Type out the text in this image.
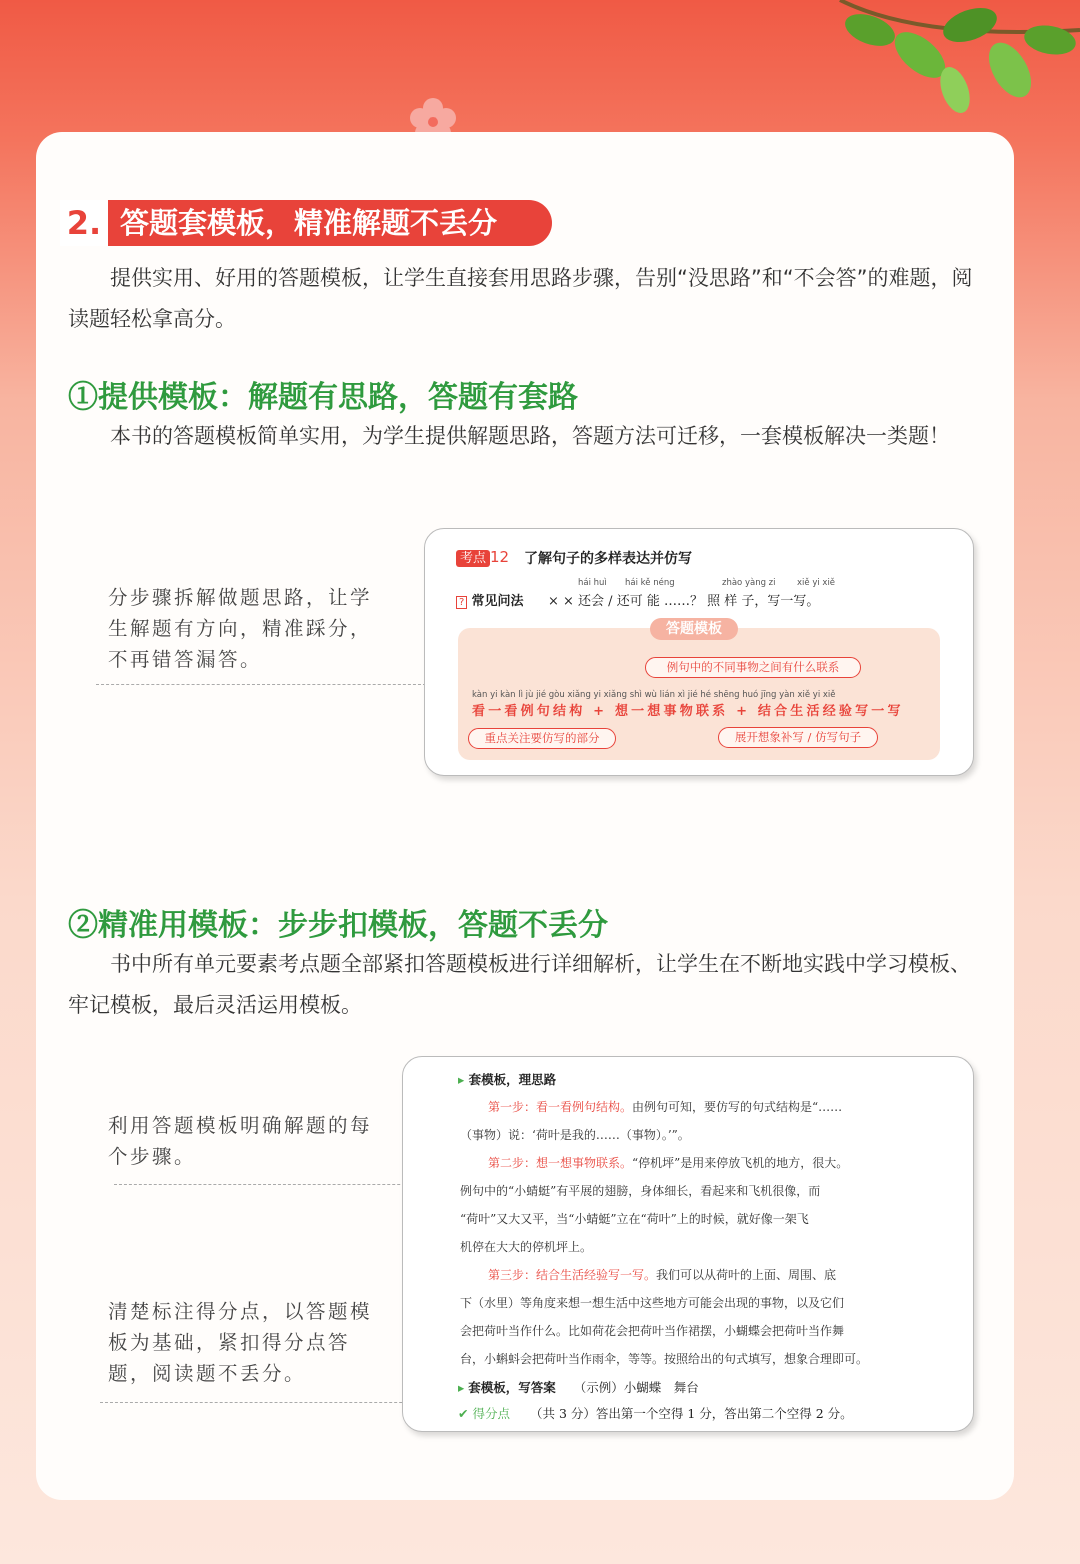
2. 答题套模板，精准解题不丢分
提供实用、好用的答题模板，让学生直接套用思路步骤，告别“没思路”和“不会答”的难题，阅读题轻松拿高分。
①提供模板：解题有思路，答题有套路
本书的答题模板简单实用，为学生提供解题思路，答题方法可迁移，一套模板解决一类题！
分步骤拆解做题思路，让学生解题有方向，精准踩分，不再错答漏答。
考点 12 了解句子的多样表达并仿写
hái huì hái kě néng	zhào yàng zi	xiě yi xiě
? 常见问法 × × 还会 / 还可 能 ……？ 照 样 子，写一写。
答题模板
例句中的不同事物之间有什么联系
kàn yi kàn lì jù jié gòu xiǎng yi xiǎng shì wù lián xì jié hé shēng huó jīng yàn xiě yi xiě
看一看例句结构 + 想一想事物联系 + 结合生活经验写一写
重点关注要仿写的部分	展开想象补写 / 仿写句子
②精准用模板：步步扣模板，答题不丢分
书中所有单元要素考点题全部紧扣答题模板进行详细解析，让学生在不断地实践中学习模板、牢记模板，最后灵活运用模板。
利用答题模板明确解题的每个步骤。
清楚标注得分点，以答题模板为基础，紧扣得分点答题，阅读题不丢分。
▸ 套模板，理思路
第一步：看一看例句结构。由例句可知，要仿写的句式结构是“……
（事物）说：‘荷叶是我的……（事物）。’”。
第二步：想一想事物联系。“停机坪”是用来停放飞机的地方，很大。
例句中的“小蜻蜓”有平展的翅膀，身体细长，看起来和飞机很像，而
“荷叶”又大又平，当“小蜻蜓”立在“荷叶”上的时候，就好像一架飞
机停在大大的停机坪上。
第三步：结合生活经验写一写。我们可以从荷叶的上面、周围、底
下（水里）等角度来想一想生活中这些地方可能会出现的事物，以及它们
会把荷叶当作什么。比如荷花会把荷叶当作裙摆，小蝴蝶会把荷叶当作舞
台，小蝌蚪会把荷叶当作雨伞，等等。按照给出的句式填写，想象合理即可。
▸ 套模板，写答案 （示例）小蝴蝶　舞台
✔ 得分点 （共 3 分）答出第一个空得 1 分，答出第二个空得 2 分。
